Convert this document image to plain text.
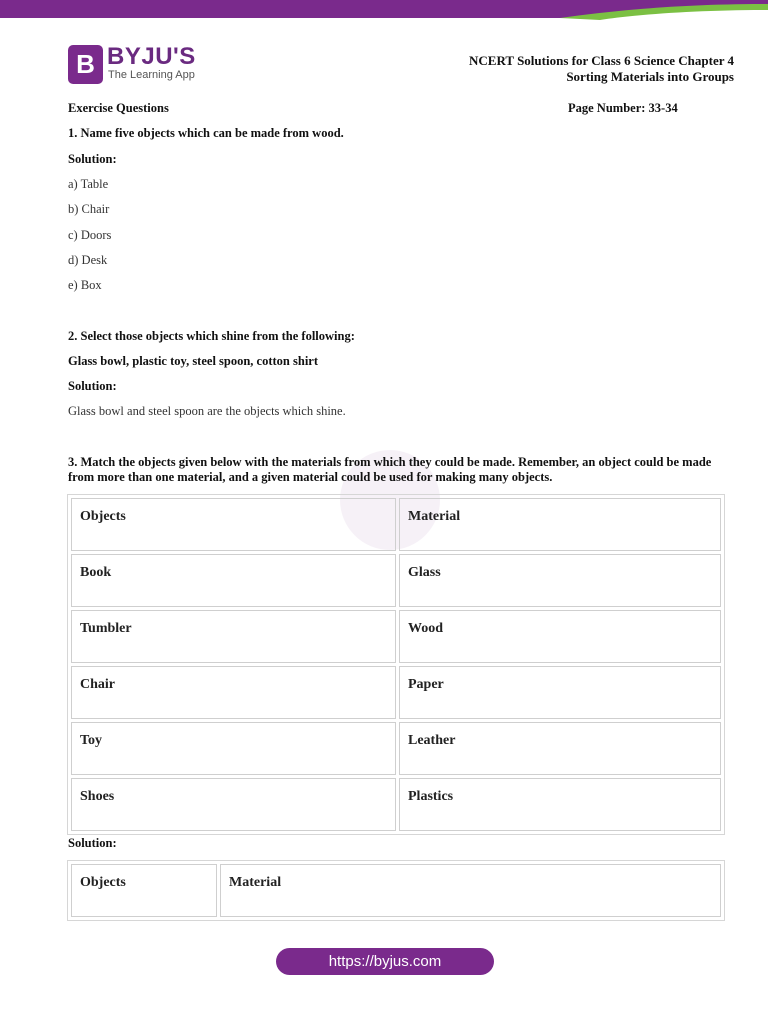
B BYJU'S
The Learning App
NCERT Solutions for Class 6 Science Chapter 4
Sorting Materials into Groups
Exercise Questions	Page Number: 33-34
1. Name five objects which can be made from wood.
Solution:
a) Table
b) Chair
c) Doors
d) Desk
e) Box
2. Select those objects which shine from the following:
Glass bowl, plastic toy, steel spoon, cotton shirt
Solution:
Glass bowl and steel spoon are the objects which shine.
3. Match the objects given below with the materials from which they could be made. Remember, an object could be made from more than one material, and a given material could be used for making many objects.
Objects	Material
Book	Glass
Tumbler	Wood
Chair	Paper
Toy	Leather
Shoes	Plastics
Solution:
Objects	Material
https://byjus.com
